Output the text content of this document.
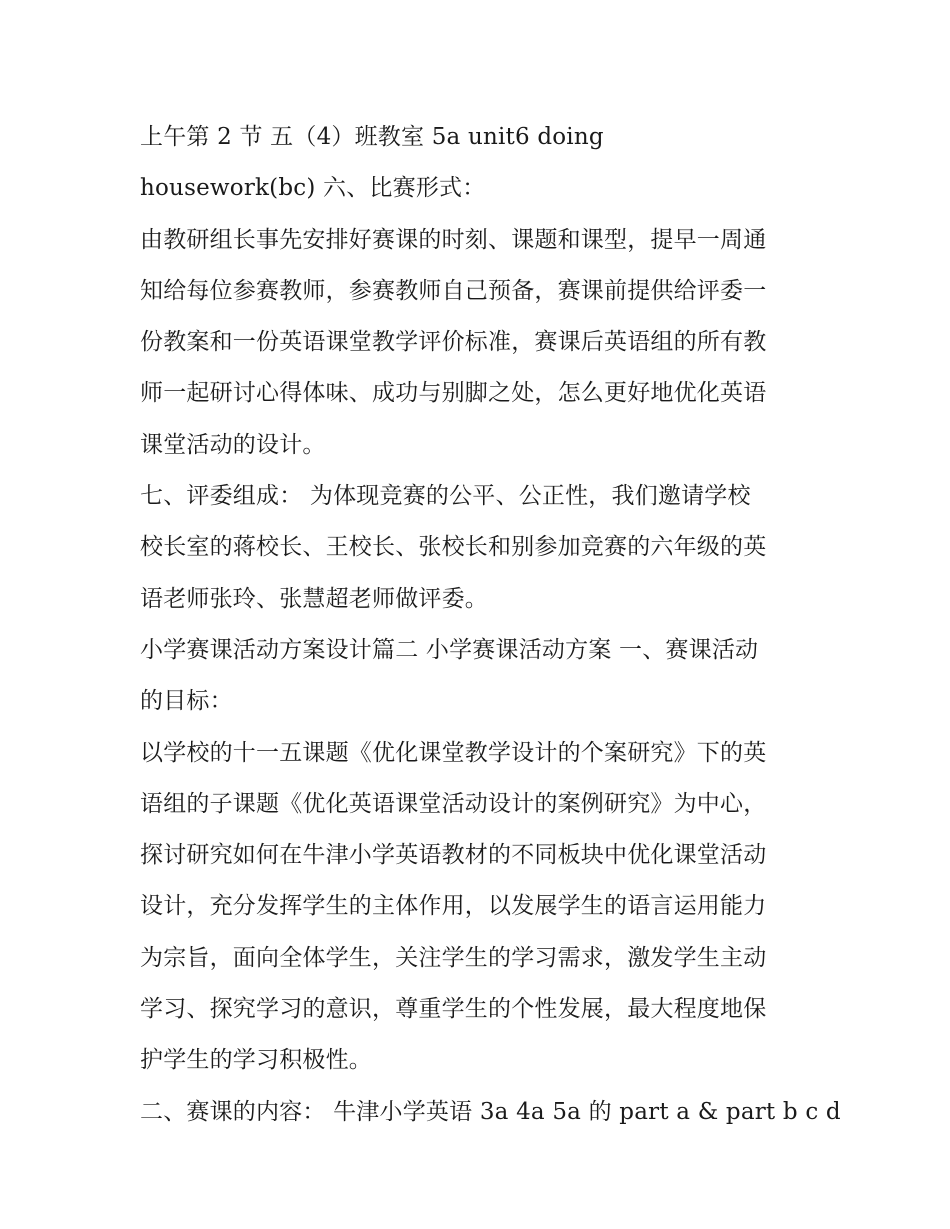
上午第 2 节 五（4）班教室 5a unit6 doing
housework(bc) 六、比赛形式：
由教研组长事先安排好赛课的时刻、课题和课型，提早一周通
知给每位参赛教师，参赛教师自己预备，赛课前提供给评委一
份教案和一份英语课堂教学评价标准，赛课后英语组的所有教
师一起研讨心得体味、成功与别脚之处，怎么更好地优化英语
课堂活动的设计。
七、评委组成： 为体现竞赛的公平、公正性，我们邀请学校
校长室的蒋校长、王校长、张校长和别参加竞赛的六年级的英
语老师张玲、张慧超老师做评委。
小学赛课活动方案设计篇二 小学赛课活动方案 一、赛课活动
的目标：
以学校的十一五课题《优化课堂教学设计的个案研究》下的英
语组的子课题《优化英语课堂活动设计的案例研究》为中心，
探讨研究如何在牛津小学英语教材的不同板块中优化课堂活动
设计，充分发挥学生的主体作用，以发展学生的语言运用能力
为宗旨，面向全体学生，关注学生的学习需求，激发学生主动
学习、探究学习的意识，尊重学生的个性发展，最大程度地保
护学生的学习积极性。
二、赛课的内容： 牛津小学英语 3a 4a 5a 的 part a & part b c d
